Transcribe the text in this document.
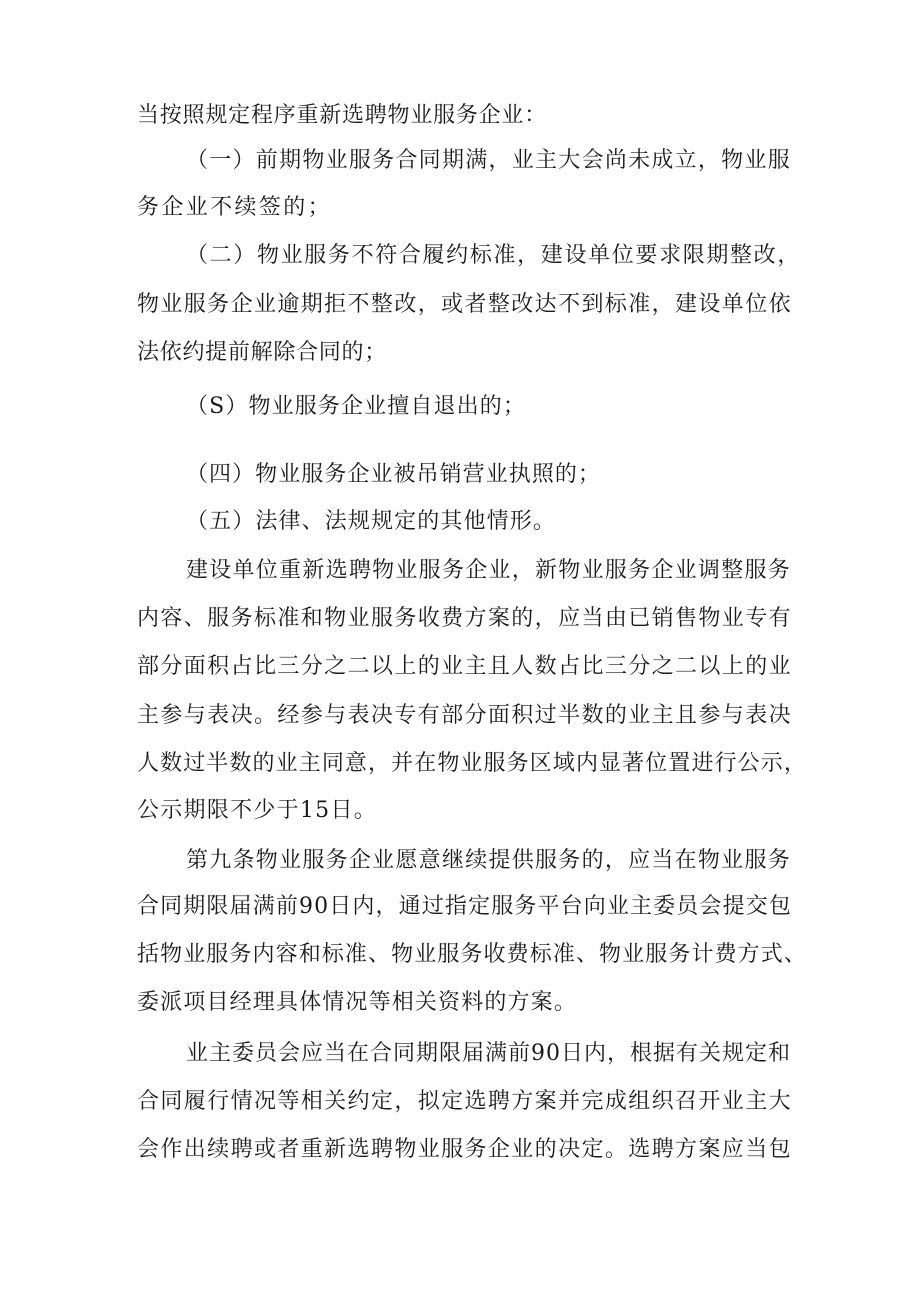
当按照规定程序重新选聘物业服务企业：
（一）前期物业服务合同期满，业主大会尚未成立，物业服
务企业不续签的；
（二）物业服务不符合履约标准，建设单位要求限期整改，
物业服务企业逾期拒不整改，或者整改达不到标准，建设单位依
法依约提前解除合同的；
（S）物业服务企业擅自退出的；
（四）物业服务企业被吊销营业执照的；
（五）法律、法规规定的其他情形。
建设单位重新选聘物业服务企业，新物业服务企业调整服务
内容、服务标准和物业服务收费方案的，应当由已销售物业专有
部分面积占比三分之二以上的业主且人数占比三分之二以上的业
主参与表决。经参与表决专有部分面积过半数的业主且参与表决
人数过半数的业主同意，并在物业服务区域内显著位置进行公示，
公示期限不少于15日。
第九条物业服务企业愿意继续提供服务的，应当在物业服务
合同期限届满前90日内，通过指定服务平台向业主委员会提交包
括物业服务内容和标准、物业服务收费标准、物业服务计费方式、
委派项目经理具体情况等相关资料的方案。
业主委员会应当在合同期限届满前90日内，根据有关规定和
合同履行情况等相关约定，拟定选聘方案并完成组织召开业主大
会作出续聘或者重新选聘物业服务企业的决定。选聘方案应当包
